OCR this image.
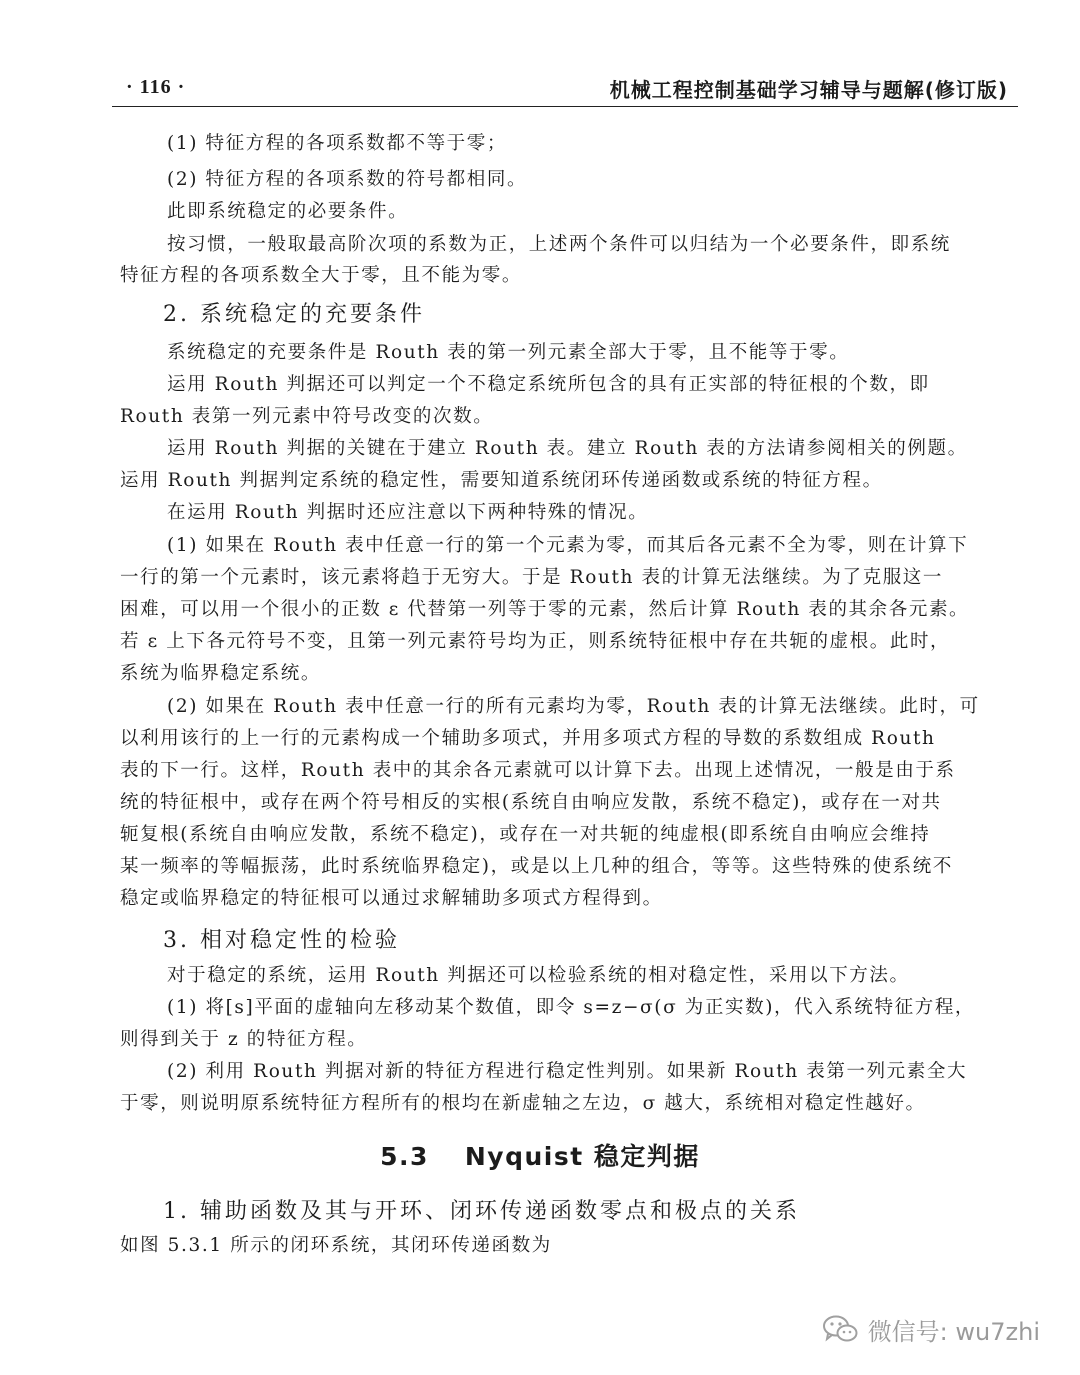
· 116 ·	机械工程控制基础学习辅导与题解(修订版)
(1) 特征方程的各项系数都不等于零；
(2) 特征方程的各项系数的符号都相同。
此即系统稳定的必要条件。
按习惯，一般取最高阶次项的系数为正，上述两个条件可以归结为一个必要条件，即系统
特征方程的各项系数全大于零，且不能为零。
2. 系统稳定的充要条件
系统稳定的充要条件是 Routh 表的第一列元素全部大于零，且不能等于零。
运用 Routh 判据还可以判定一个不稳定系统所包含的具有正实部的特征根的个数，即
Routh 表第一列元素中符号改变的次数。
运用 Routh 判据的关键在于建立 Routh 表。建立 Routh 表的方法请参阅相关的例题。
运用 Routh 判据判定系统的稳定性，需要知道系统闭环传递函数或系统的特征方程。
在运用 Routh 判据时还应注意以下两种特殊的情况。
(1) 如果在 Routh 表中任意一行的第一个元素为零，而其后各元素不全为零，则在计算下
一行的第一个元素时，该元素将趋于无穷大。于是 Routh 表的计算无法继续。为了克服这一
困难，可以用一个很小的正数 ε 代替第一列等于零的元素，然后计算 Routh 表的其余各元素。
若 ε 上下各元符号不变，且第一列元素符号均为正，则系统特征根中存在共轭的虚根。此时，
系统为临界稳定系统。
(2) 如果在 Routh 表中任意一行的所有元素均为零，Routh 表的计算无法继续。此时，可
以利用该行的上一行的元素构成一个辅助多项式，并用多项式方程的导数的系数组成 Routh
表的下一行。这样，Routh 表中的其余各元素就可以计算下去。出现上述情况，一般是由于系
统的特征根中，或存在两个符号相反的实根(系统自由响应发散，系统不稳定)，或存在一对共
轭复根(系统自由响应发散，系统不稳定)，或存在一对共轭的纯虚根(即系统自由响应会维持
某一频率的等幅振荡，此时系统临界稳定)，或是以上几种的组合，等等。这些特殊的使系统不
稳定或临界稳定的特征根可以通过求解辅助多项式方程得到。
3. 相对稳定性的检验
对于稳定的系统，运用 Routh 判据还可以检验系统的相对稳定性，采用以下方法。
(1) 将[s]平面的虚轴向左移动某个数值，即令 s=z−σ(σ 为正实数)，代入系统特征方程，
则得到关于 z 的特征方程。
(2) 利用 Routh 判据对新的特征方程进行稳定性判别。如果新 Routh 表第一列元素全大
于零，则说明原系统特征方程所有的根均在新虚轴之左边，σ 越大，系统相对稳定性越好。
5.3 Nyquist 稳定判据
1. 辅助函数及其与开环、闭环传递函数零点和极点的关系
如图 5.3.1 所示的闭环系统，其闭环传递函数为
微信号: wu7zhi
